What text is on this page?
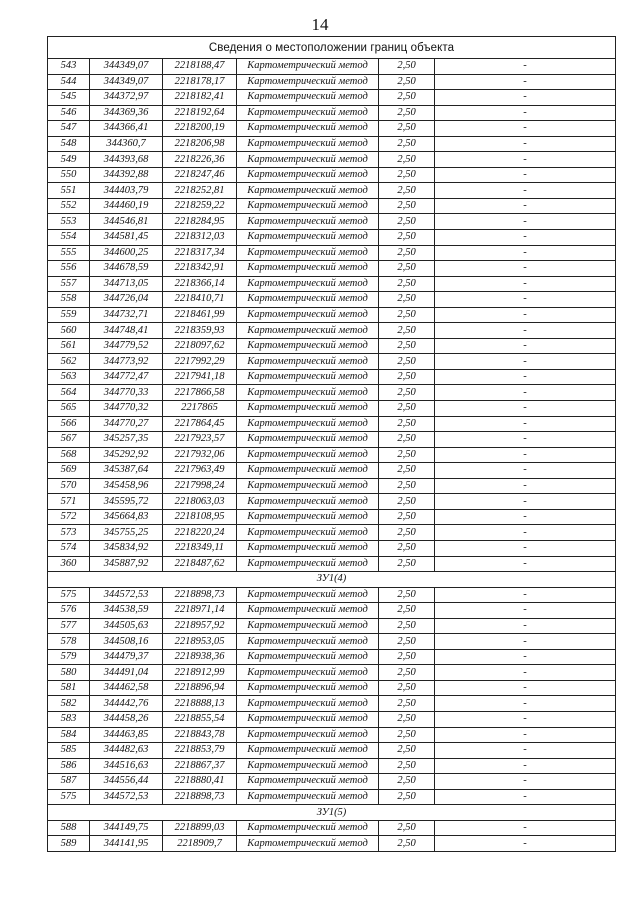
14
Сведения о местоположении границ объекта					
543	344349,07	2218188,47	Картометрический метод	2,50	-
544	344349,07	2218178,17	Картометрический метод	2,50	-
545	344372,97	2218182,41	Картометрический метод	2,50	-
546	344369,36	2218192,64	Картометрический метод	2,50	-
547	344366,41	2218200,19	Картометрический метод	2,50	-
548	344360,7	2218206,98	Картометрический метод	2,50	-
549	344393,68	2218226,36	Картометрический метод	2,50	-
550	344392,88	2218247,46	Картометрический метод	2,50	-
551	344403,79	2218252,81	Картометрический метод	2,50	-
552	344460,19	2218259,22	Картометрический метод	2,50	-
553	344546,81	2218284,95	Картометрический метод	2,50	-
554	344581,45	2218312,03	Картометрический метод	2,50	-
555	344600,25	2218317,34	Картометрический метод	2,50	-
556	344678,59	2218342,91	Картометрический метод	2,50	-
557	344713,05	2218366,14	Картометрический метод	2,50	-
558	344726,04	2218410,71	Картометрический метод	2,50	-
559	344732,71	2218461,99	Картометрический метод	2,50	-
560	344748,41	2218359,93	Картометрический метод	2,50	-
561	344779,52	2218097,62	Картометрический метод	2,50	-
562	344773,92	2217992,29	Картометрический метод	2,50	-
563	344772,47	2217941,18	Картометрический метод	2,50	-
564	344770,33	2217866,58	Картометрический метод	2,50	-
565	344770,32	2217865	Картометрический метод	2,50	-
566	344770,27	2217864,45	Картометрический метод	2,50	-
567	345257,35	2217923,57	Картометрический метод	2,50	-
568	345292,92	2217932,06	Картометрический метод	2,50	-
569	345387,64	2217963,49	Картометрический метод	2,50	-
570	345458,96	2217998,24	Картометрический метод	2,50	-
571	345595,72	2218063,03	Картометрический метод	2,50	-
572	345664,83	2218108,95	Картометрический метод	2,50	-
573	345755,25	2218220,24	Картометрический метод	2,50	-
574	345834,92	2218349,11	Картометрический метод	2,50	-
360	345887,92	2218487,62	Картометрический метод	2,50	-
ЗУ1(4)					
575	344572,53	2218898,73	Картометрический метод	2,50	-
576	344538,59	2218971,14	Картометрический метод	2,50	-
577	344505,63	2218957,92	Картометрический метод	2,50	-
578	344508,16	2218953,05	Картометрический метод	2,50	-
579	344479,37	2218938,36	Картометрический метод	2,50	-
580	344491,04	2218912,99	Картометрический метод	2,50	-
581	344462,58	2218896,94	Картометрический метод	2,50	-
582	344442,76	2218888,13	Картометрический метод	2,50	-
583	344458,26	2218855,54	Картометрический метод	2,50	-
584	344463,85	2218843,78	Картометрический метод	2,50	-
585	344482,63	2218853,79	Картометрический метод	2,50	-
586	344516,63	2218867,37	Картометрический метод	2,50	-
587	344556,44	2218880,41	Картометрический метод	2,50	-
575	344572,53	2218898,73	Картометрический метод	2,50	-
ЗУ1(5)					
588	344149,75	2218899,03	Картометрический метод	2,50	-
589	344141,95	2218909,7	Картометрический метод	2,50	-
